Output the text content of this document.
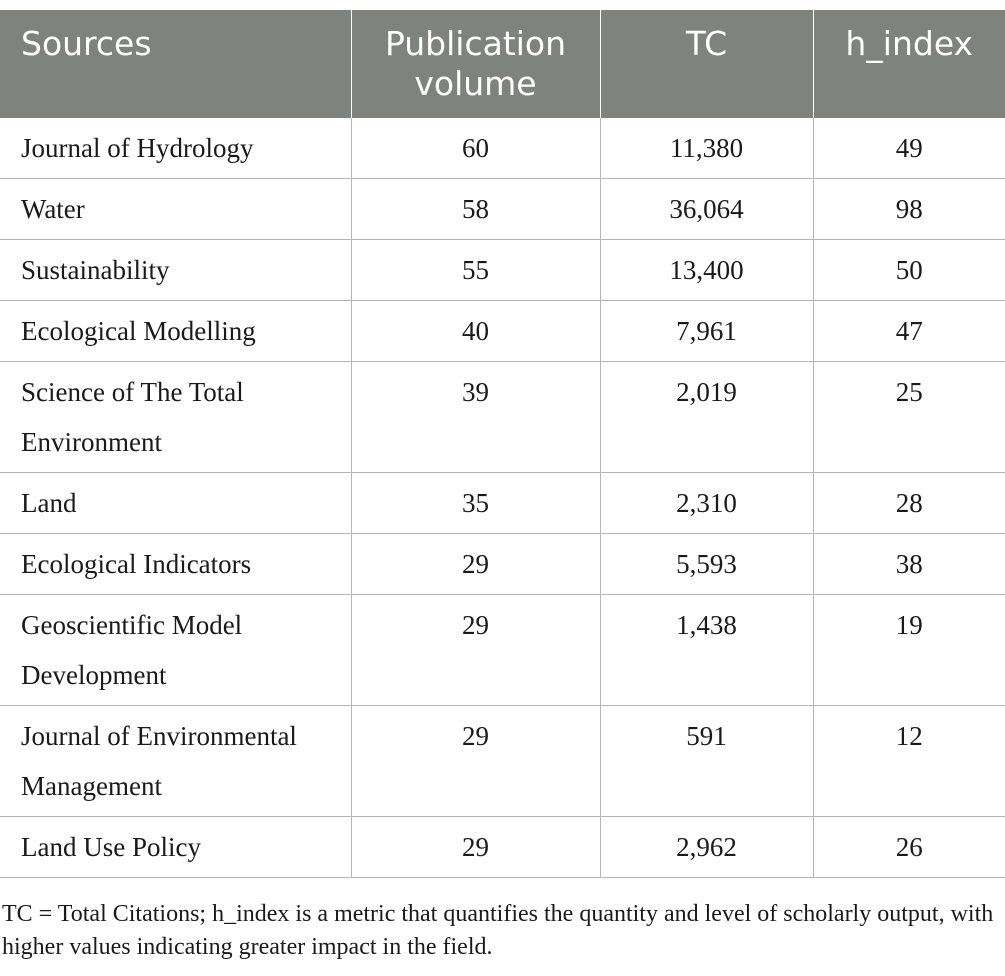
Sources	Publication volume	TC	h_index
Journal of Hydrology	60	11,380	49
Water	58	36,064	98
Sustainability	55	13,400	50
Ecological Modelling	40	7,961	47
Science of The Total Environment	39	2,019	25
Land	35	2,310	28
Ecological Indicators	29	5,593	38
Geoscientific Model Development	29	1,438	19
Journal of Environmental Management	29	591	12
Land Use Policy	29	2,962	26

TC = Total Citations; h_index is a metric that quantifies the quantity and level of scholarly output, with higher values indicating greater impact in the field.
